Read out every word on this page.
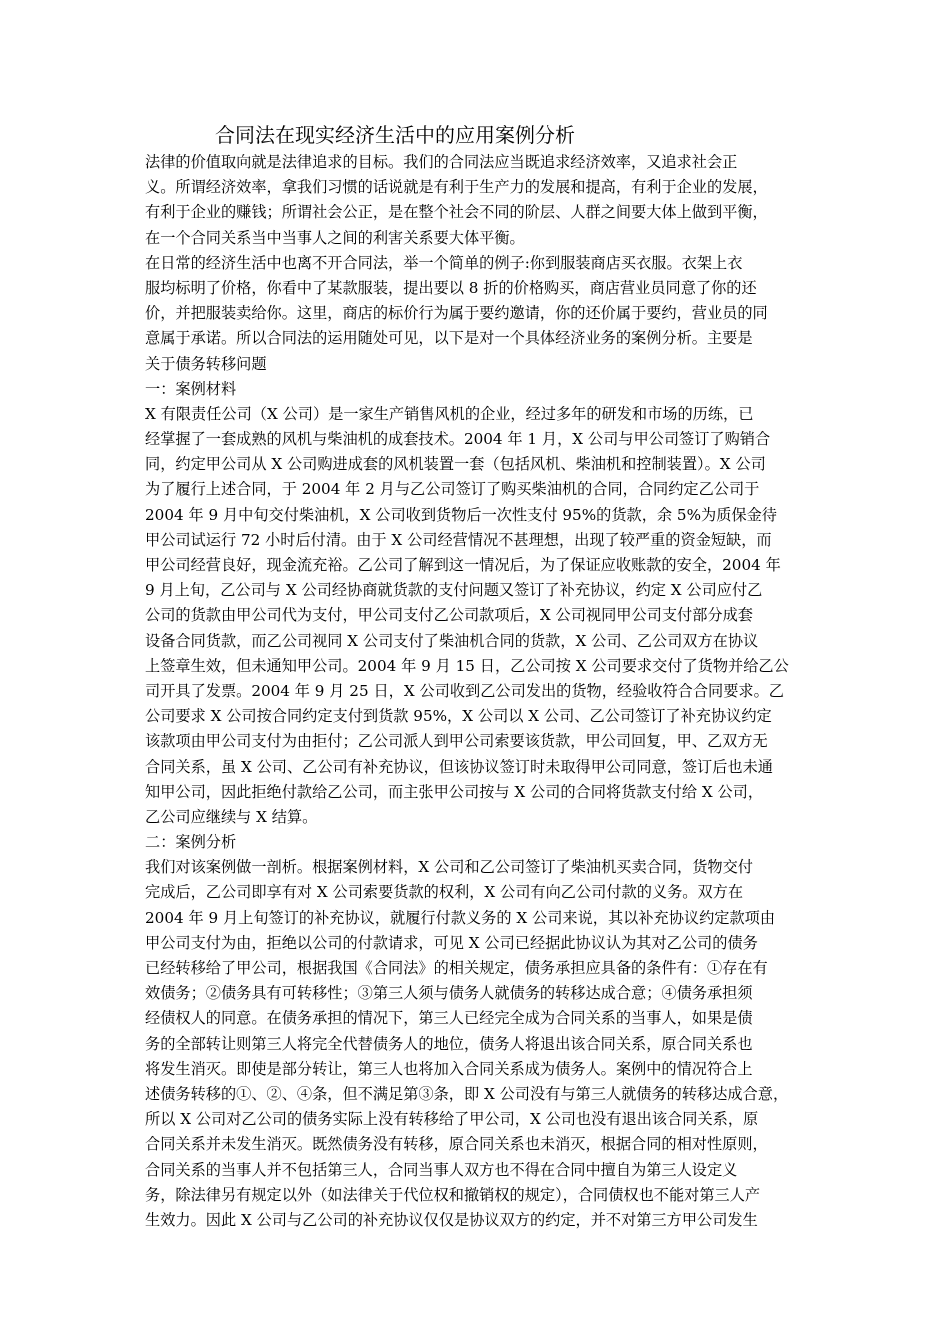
合同法在现实经济生活中的应用案例分析
法律的价值取向就是法律追求的目标。我们的合同法应当既追求经济效率，又追求社会正
义。所谓经济效率，拿我们习惯的话说就是有利于生产力的发展和提高，有利于企业的发展，
有利于企业的赚钱；所谓社会公正，是在整个社会不同的阶层、人群之间要大体上做到平衡，
在一个合同关系当中当事人之间的利害关系要大体平衡。
在日常的经济生活中也离不开合同法，举一个简单的例子:你到服装商店买衣服。衣架上衣
服均标明了价格，你看中了某款服装，提出要以 8 折的价格购买，商店营业员同意了你的还
价，并把服装卖给你。这里，商店的标价行为属于要约邀请，你的还价属于要约，营业员的同
意属于承诺。所以合同法的运用随处可见，以下是对一个具体经济业务的案例分析。主要是
关于债务转移问题
一：案例材料
X 有限责任公司（X 公司）是一家生产销售风机的企业，经过多年的研发和市场的历练，已
经掌握了一套成熟的风机与柴油机的成套技术。2004 年 1 月，X 公司与甲公司签订了购销合
同，约定甲公司从 X 公司购进成套的风机装置一套（包括风机、柴油机和控制装置）。X 公司
为了履行上述合同，于 2004 年 2 月与乙公司签订了购买柴油机的合同，合同约定乙公司于
2004 年 9 月中旬交付柴油机，X 公司收到货物后一次性支付 95%的货款，余 5%为质保金待
甲公司试运行 72 小时后付清。由于 X 公司经营情况不甚理想，出现了较严重的资金短缺，而
甲公司经营良好，现金流充裕。乙公司了解到这一情况后，为了保证应收账款的安全，2004 年
9 月上旬，乙公司与 X 公司经协商就货款的支付问题又签订了补充协议，约定 X 公司应付乙
公司的货款由甲公司代为支付，甲公司支付乙公司款项后，X 公司视同甲公司支付部分成套
设备合同货款，而乙公司视同 X 公司支付了柴油机合同的货款，X 公司、乙公司双方在协议
上签章生效，但未通知甲公司。2004 年 9 月 15 日，乙公司按 X 公司要求交付了货物并给乙公
司开具了发票。2004 年 9 月 25 日，X 公司收到乙公司发出的货物，经验收符合合同要求。乙
公司要求 X 公司按合同约定支付到货款 95%，X 公司以 X 公司、乙公司签订了补充协议约定
该款项由甲公司支付为由拒付；乙公司派人到甲公司索要该货款，甲公司回复，甲、乙双方无
合同关系，虽 X 公司、乙公司有补充协议，但该协议签订时未取得甲公司同意，签订后也未通
知甲公司，因此拒绝付款给乙公司，而主张甲公司按与 X 公司的合同将货款支付给 X 公司，
乙公司应继续与 X 结算。
二：案例分析
我们对该案例做一剖析。根据案例材料，X 公司和乙公司签订了柴油机买卖合同，货物交付
完成后，乙公司即享有对 X 公司索要货款的权利，X 公司有向乙公司付款的义务。双方在
2004 年 9 月上旬签订的补充协议，就履行付款义务的 X 公司来说，其以补充协议约定款项由
甲公司支付为由，拒绝以公司的付款请求，可见 X 公司已经据此协议认为其对乙公司的债务
已经转移给了甲公司，根据我国《合同法》的相关规定，债务承担应具备的条件有：①存在有
效债务；②债务具有可转移性；③第三人须与债务人就债务的转移达成合意；④债务承担须
经债权人的同意。在债务承担的情况下，第三人已经完全成为合同关系的当事人，如果是债
务的全部转让则第三人将完全代替债务人的地位，债务人将退出该合同关系，原合同关系也
将发生消灭。即使是部分转让，第三人也将加入合同关系成为债务人。案例中的情况符合上
述债务转移的①、②、④条，但不满足第③条，即 X 公司没有与第三人就债务的转移达成合意，
所以 X 公司对乙公司的债务实际上没有转移给了甲公司，X 公司也没有退出该合同关系，原
合同关系并未发生消灭。既然债务没有转移，原合同关系也未消灭，根据合同的相对性原则，
合同关系的当事人并不包括第三人，合同当事人双方也不得在合同中擅自为第三人设定义
务，除法律另有规定以外（如法律关于代位权和撤销权的规定），合同债权也不能对第三人产
生效力。因此 X 公司与乙公司的补充协议仅仅是协议双方的约定，并不对第三方甲公司发生
